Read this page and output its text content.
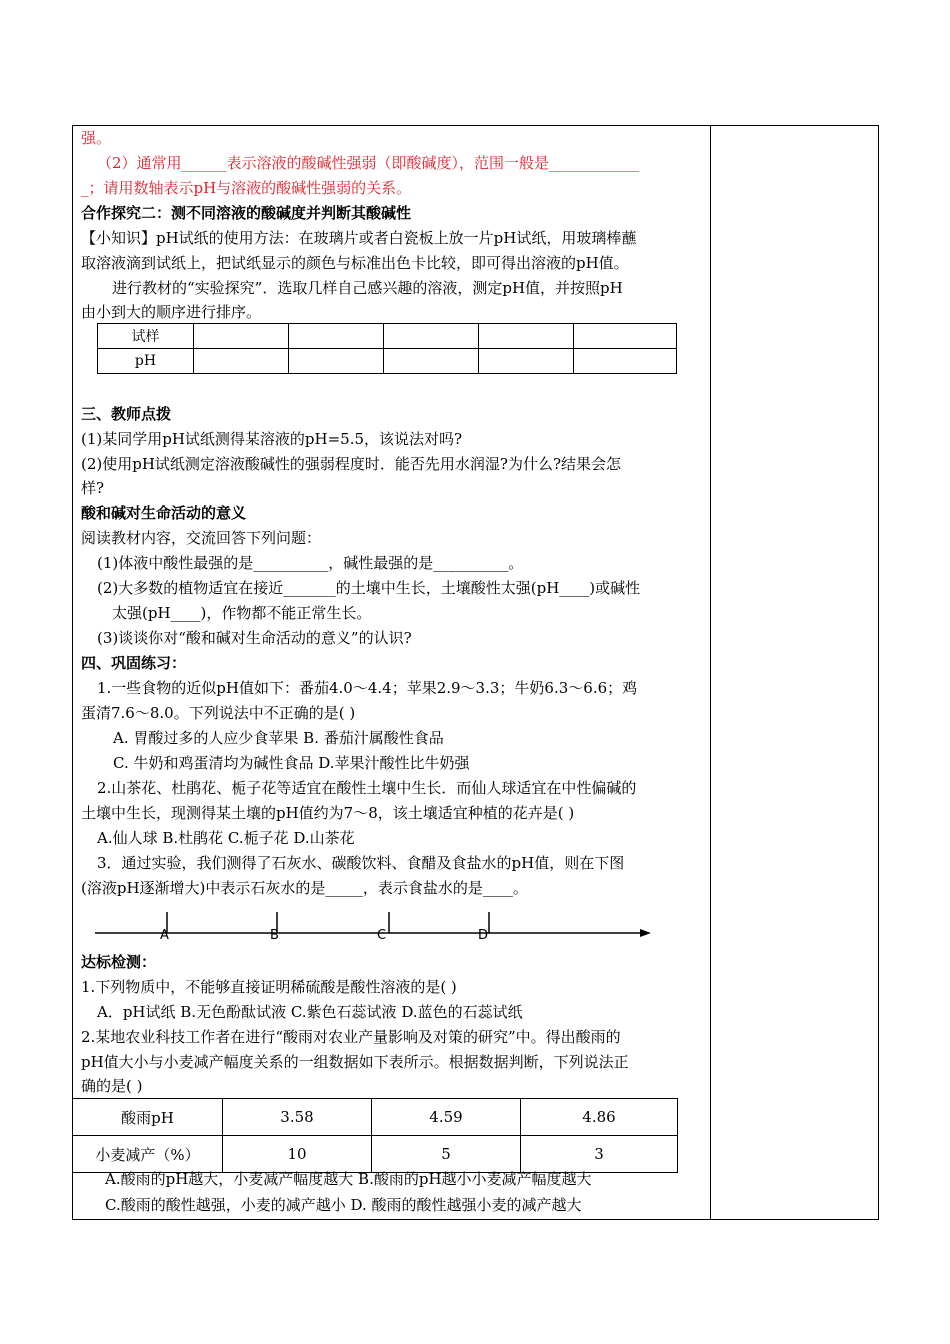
强。
（2）通常用______表示溶液的酸碱性强弱（即酸碱度），范围一般是____________
_；请用数轴表示pH与溶液的酸碱性强弱的关系。
合作探究二：测不同溶液的酸碱度并判断其酸碱性
【小知识】pH试纸的使用方法：在玻璃片或者白瓷板上放一片pH试纸，用玻璃棒蘸
取溶液滴到试纸上，把试纸显示的颜色与标准出色卡比较，即可得出溶液的pH值。
进行教材的“实验探究”．选取几样自己感兴趣的溶液，测定pH值，并按照pH
由小到大的顺序进行排序。
试样					
pH					
三、教师点拨
(1)某同学用pH试纸测得某溶液的pH=5.5，该说法对吗?
(2)使用pH试纸测定溶液酸碱性的强弱程度时．能否先用水润湿?为什么?结果会怎
样?
酸和碱对生命活动的意义
阅读教材内容，交流回答下列问题：
(1)体液中酸性最强的是__________，碱性最强的是__________。
(2)大多数的植物适宜在接近_______的土壤中生长，土壤酸性太强(pH____)或碱性
太强(pH____)，作物都不能正常生长。
(3)谈谈你对“酸和碱对生命活动的意义”的认识?
四、巩固练习：
1.一些食物的近似pH值如下：番茄4.0～4.4；苹果2.9～3.3；牛奶6.3～6.6；鸡
蛋清7.6～8.0。下列说法中不正确的是( )
A. 胃酸过多的人应少食苹果 B. 番茄汁属酸性食品
C. 牛奶和鸡蛋清均为碱性食品 D.苹果汁酸性比牛奶强
2.山茶花、杜鹃花、栀子花等适宜在酸性土壤中生长．而仙人球适宜在中性偏碱的
土壤中生长，现测得某土壤的pH值约为7～8，该土壤适宜种植的花卉是( )
A.仙人球 B.杜鹃花 C.栀子花 D.山茶花
3．通过实验，我们测得了石灰水、碳酸饮料、食醋及食盐水的pH值，则在下图
(溶液pH逐渐增大)中表示石灰水的是_____，表示食盐水的是____。
A	B	C	D
达标检测：
1.下列物质中，不能够直接证明稀硫酸是酸性溶液的是( )
A．pH试纸 B.无色酚酞试液 C.紫色石蕊试液 D.蓝色的石蕊试纸
2.某地农业科技工作者在进行“酸雨对农业产量影响及对策的研究”中。得出酸雨的
pH值大小与小麦减产幅度关系的一组数据如下表所示。根据数据判断，下列说法正
确的是( )
酸雨pH	3.58	4.59	4.86
小麦减产（%）	10	5	3
A.酸雨的pH越大，小麦减产幅度越大 B.酸雨的pH越小小麦减产幅度越大
C.酸雨的酸性越强，小麦的减产越小 D. 酸雨的酸性越强小麦的减产越大
